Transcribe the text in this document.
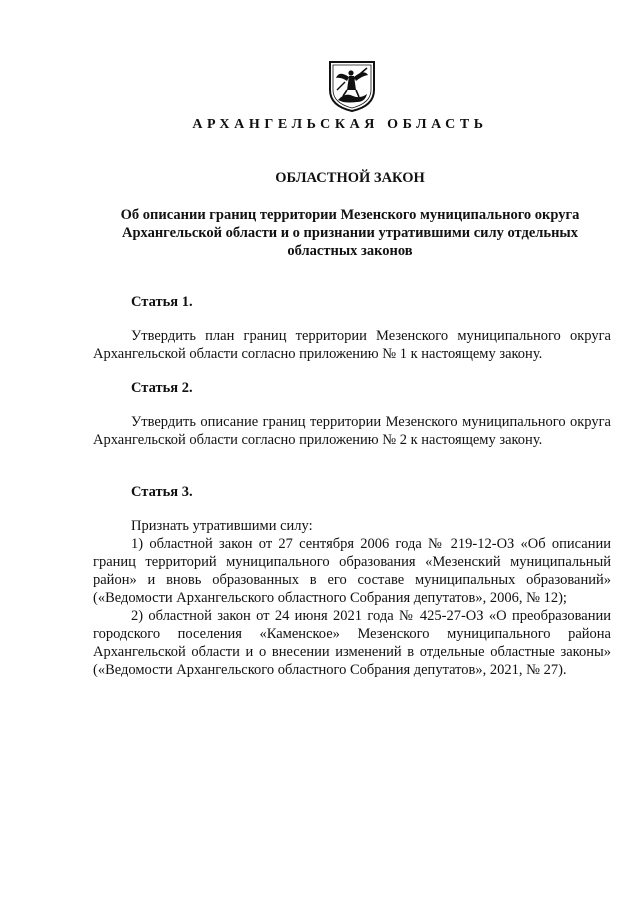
АРХАНГЕЛЬСКАЯ ОБЛАСТЬ
ОБЛАСТНОЙ ЗАКОН
Об описании границ территории Мезенского муниципального округа
Архангельской области и о признании утратившими силу отдельных
областных законов
Статья 1.

Утвердить план границ территории Мезенского муниципального округа Архангельской области согласно приложению № 1 к настоящему закону.

Статья 2.

Утвердить описание границ территории Мезенского муниципального округа Архангельской области согласно приложению № 2 к настоящему закону.

Статья 3.

Признать утратившими силу:

1) областной закон от 27 сентября 2006 года № 219-12-ОЗ «Об описании границ территорий муниципального образования «Мезенский муниципальный район» и вновь образованных в его составе муниципальных образований» («Ведомости Архангельского областного Собрания депутатов», 2006, № 12);

2) областной закон от 24 июня 2021 года № 425-27-ОЗ «О преобразовании городского поселения «Каменское» Мезенского муниципального района Архангельской области и о внесении изменений в отдельные областные законы» («Ведомости Архангельского областного Собрания депутатов», 2021, № 27).
